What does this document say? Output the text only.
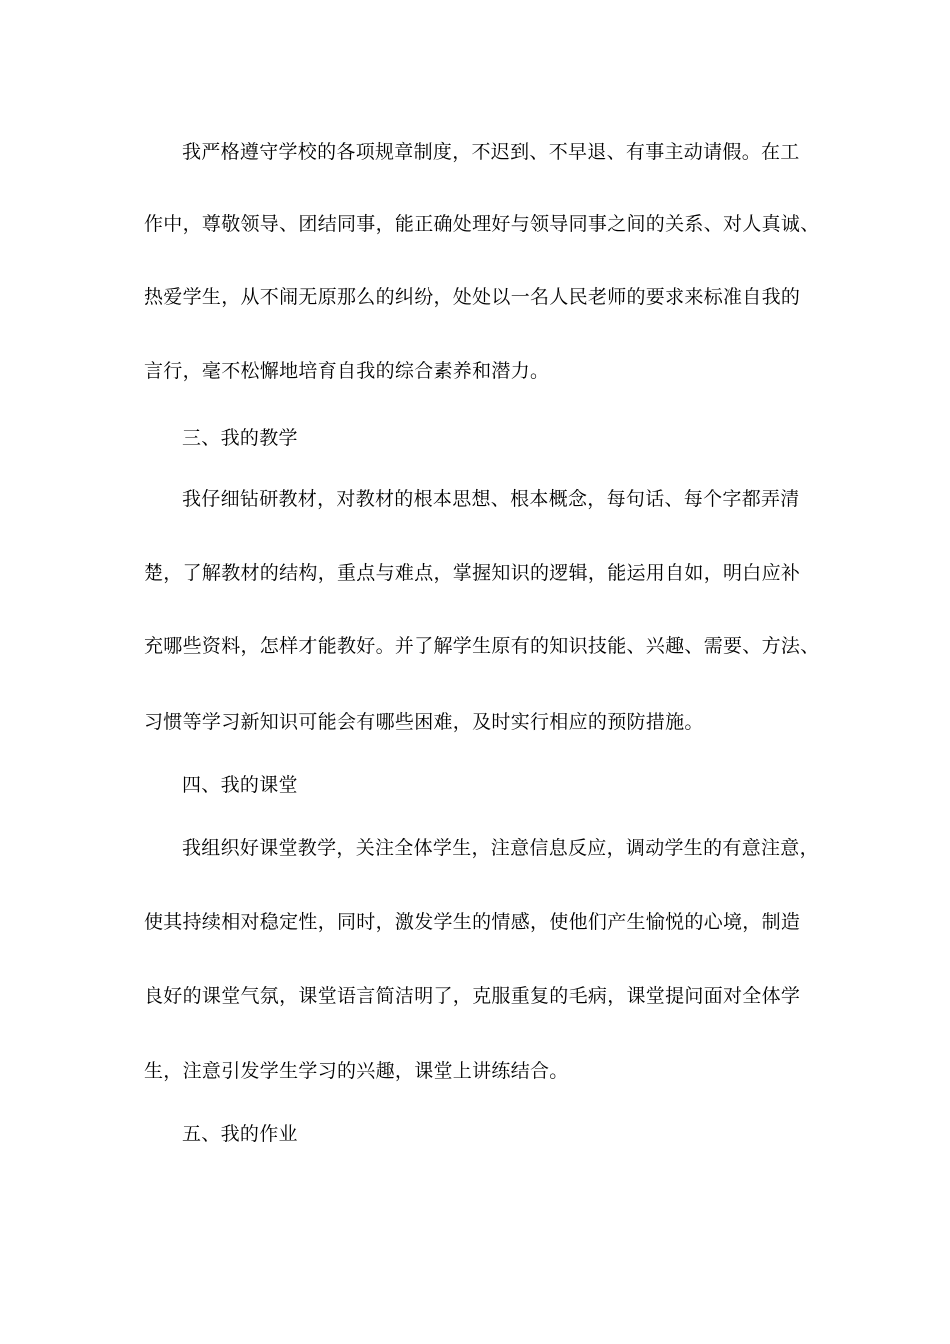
我严格遵守学校的各项规章制度，不迟到、不早退、有事主动请假。在工
作中，尊敬领导、团结同事，能正确处理好与领导同事之间的关系、对人真诚、
热爱学生，从不闹无原那么的纠纷，处处以一名人民老师的要求来标准自我的
言行，毫不松懈地培育自我的综合素养和潜力。
三、我的教学
我仔细钻研教材，对教材的根本思想、根本概念，每句话、每个字都弄清
楚，了解教材的结构，重点与难点，掌握知识的逻辑，能运用自如，明白应补
充哪些资料，怎样才能教好。并了解学生原有的知识技能、兴趣、需要、方法、
习惯等学习新知识可能会有哪些困难，及时实行相应的预防措施。
四、我的课堂
我组织好课堂教学，关注全体学生，注意信息反应，调动学生的有意注意，
使其持续相对稳定性，同时，激发学生的情感，使他们产生愉悦的心境，制造
良好的课堂气氛，课堂语言简洁明了，克服重复的毛病，课堂提问面对全体学
生，注意引发学生学习的兴趣，课堂上讲练结合。
五、我的作业
